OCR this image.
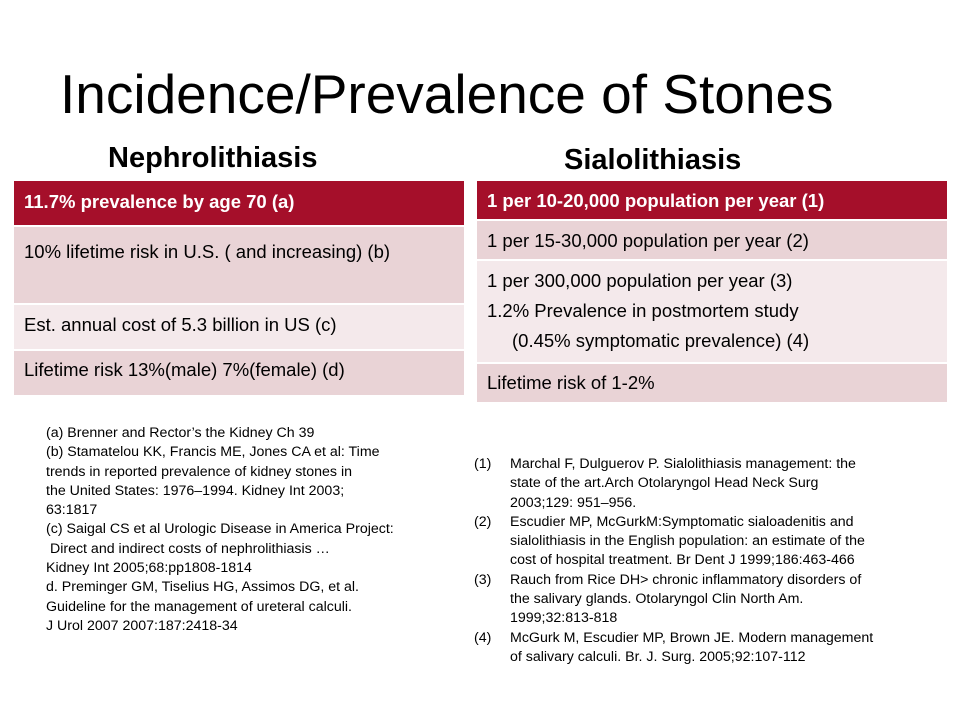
Incidence/Prevalence of Stones
Nephrolithiasis	Sialolithiasis
11.7% prevalence by age 70 (a)
10% lifetime risk in U.S. ( and increasing) (b)
Est. annual cost of 5.3 billion in US (c)
Lifetime risk 13%(male) 7%(female) (d)
1 per 10-20,000 population per year (1)
1 per 15-30,000 population per year (2)
1 per 300,000 population per year (3)
1.2% Prevalence in postmortem study
(0.45% symptomatic prevalence) (4)
Lifetime risk of 1-2%
(a) Brenner and Rector’s the Kidney Ch 39
(b) Stamatelou KK, Francis ME, Jones CA et al: Time
trends in reported prevalence of kidney stones in
the United States: 1976–1994. Kidney Int 2003;
63:1817
(c) Saigal CS et al Urologic Disease in America Project:
Direct and indirect costs of nephrolithiasis …
Kidney Int 2005;68:pp1808-1814
d. Preminger GM, Tiselius HG, Assimos DG, et al.
Guideline for the management of ureteral calculi.
J Urol 2007 2007:187:2418-34
(1)	Marchal F, Dulguerov P. Sialolithiasis management: the
state of the art.Arch Otolaryngol Head Neck Surg
2003;129: 951–956.
(2)	Escudier MP, McGurkM:Symptomatic sialoadenitis and
sialolithiasis in the English population: an estimate of the
cost of hospital treatment. Br Dent J 1999;186:463-466
(3)	Rauch from Rice DH> chronic inflammatory disorders of
the salivary glands. Otolaryngol Clin North Am.
1999;32:813-818
(4)	McGurk M, Escudier MP, Brown JE. Modern management
of salivary calculi. Br. J. Surg. 2005;92:107-112
